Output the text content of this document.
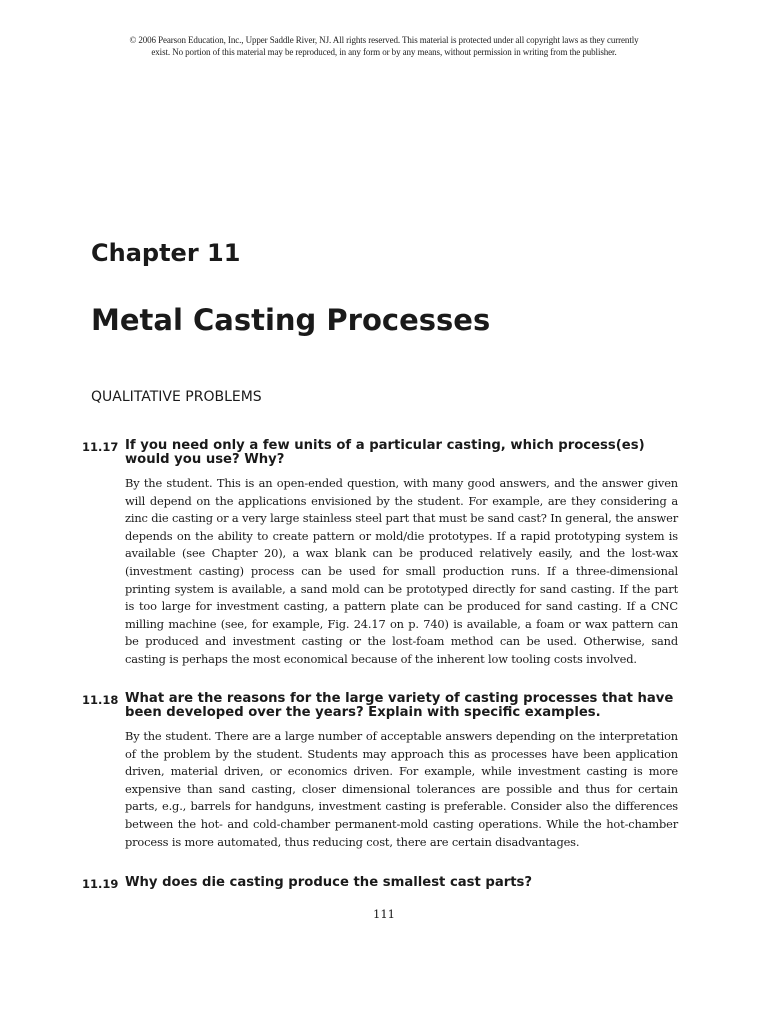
© 2006 Pearson Education, Inc., Upper Saddle River, NJ. All rights reserved. This material is protected under all copyright laws as they currently
exist. No portion of this material may be reproduced, in any form or by any means, without permission in writing from the publisher.
Chapter 11
Metal Casting Processes
QUALITATIVE PROBLEMS
11.17 If you need only a few units of a particular casting, which process(es) would you use? Why?

By the student. This is an open-ended question, with many good answers, and the answer given will depend on the applications envisioned by the student. For example, are they considering a zinc die casting or a very large stainless steel part that must be sand cast? In general, the answer depends on the ability to create pattern or mold/die prototypes. If a rapid prototyping system is available (see Chapter 20), a wax blank can be produced relatively easily, and the lost-wax (investment casting) process can be used for small production runs. If a three-dimensional printing system is available, a sand mold can be prototyped directly for sand casting. If the part is too large for investment casting, a pattern plate can be produced for sand casting. If a CNC milling machine (see, for example, Fig. 24.17 on p. 740) is available, a foam or wax pattern can be produced and investment casting or the lost-foam method can be used. Otherwise, sand casting is perhaps the most economical because of the inherent low tooling costs involved.

11.18 What are the reasons for the large variety of casting processes that have been developed over the years? Explain with specific examples.

By the student. There are a large number of acceptable answers depending on the interpretation of the problem by the student. Students may approach this as processes have been application driven, material driven, or economics driven. For example, while investment casting is more expensive than sand casting, closer dimensional tolerances are possible and thus for certain parts, e.g., barrels for handguns, investment casting is preferable. Consider also the differences between the hot- and cold-chamber permanent-mold casting operations. While the hot-chamber process is more automated, thus reducing cost, there are certain disadvantages.

11.19 Why does die casting produce the smallest cast parts?

111
